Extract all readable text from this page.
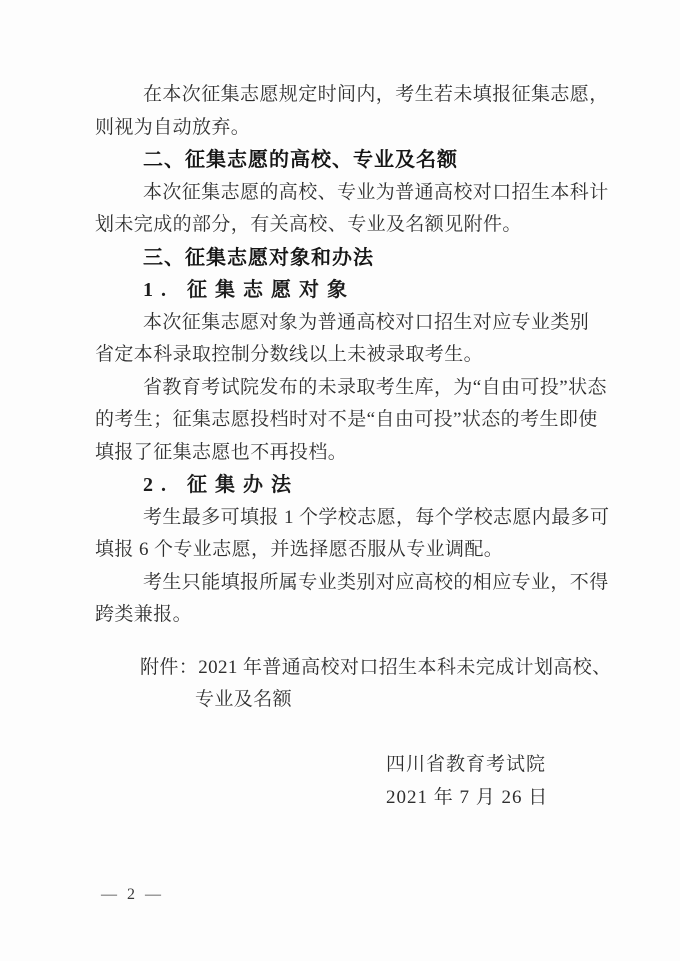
在本次征集志愿规定时间内，考生若未填报征集志愿，
则视为自动放弃。
二、征集志愿的高校、专业及名额
本次征集志愿的高校、专业为普通高校对口招生本科计
划未完成的部分，有关高校、专业及名额见附件。
三、征集志愿对象和办法
1. 征集志愿对象
本次征集志愿对象为普通高校对口招生对应专业类别
省定本科录取控制分数线以上未被录取考生。
省教育考试院发布的未录取考生库，为“自由可投”状态
的考生；征集志愿投档时对不是“自由可投”状态的考生即使
填报了征集志愿也不再投档。
2. 征集办法
考生最多可填报 1 个学校志愿，每个学校志愿内最多可
填报 6 个专业志愿，并选择愿否服从专业调配。
考生只能填报所属专业类别对应高校的相应专业，不得
跨类兼报。
附件：2021 年普通高校对口招生本科未完成计划高校、
专业及名额
四川省教育考试院
2021 年 7 月 26 日
— 2 —
